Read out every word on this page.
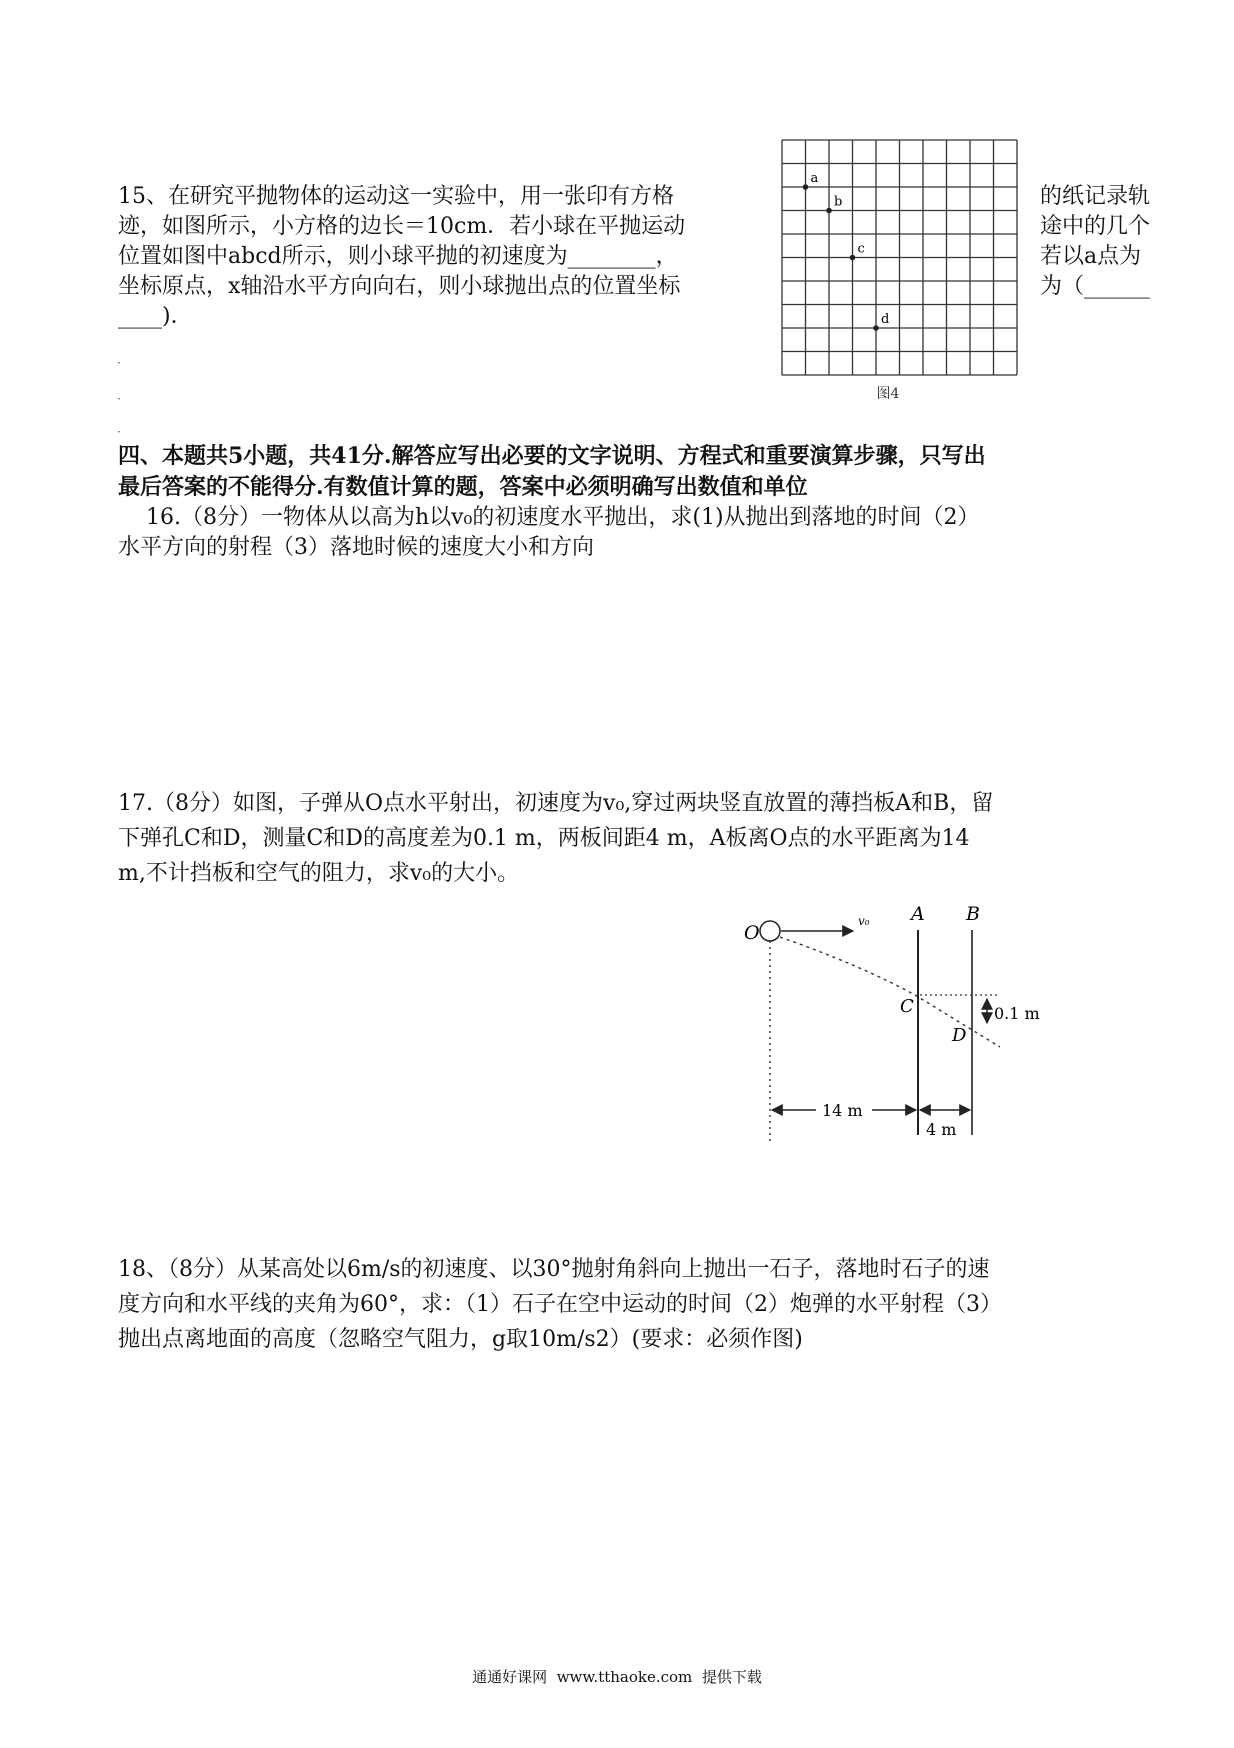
15、在研究平抛物体的运动这一实验中，用一张印有方格
迹，如图所示，小方格的边长＝10cm．若小球在平抛运动
位置如图中abcd所示，则小球平抛的初速度为________，
坐标原点，x轴沿水平方向向右，则小球抛出点的位置坐标
____)．
的纸记录轨
途中的几个
若以a点为
为（______
·
·
·
a
b
c
d
图4
四、本题共5小题，共41分.解答应写出必要的文字说明、方程式和重要演算步骤，只写出
最后答案的不能得分.有数值计算的题，答案中必须明确写出数值和单位
16.（8分）一物体从以高为h以v₀的初速度水平抛出，求(1)从抛出到落地的时间（2）
水平方向的射程（3）落地时候的速度大小和方向
17.（8分）如图，子弹从O点水平射出，初速度为v₀,穿过两块竖直放置的薄挡板A和B，留
下弹孔C和D，测量C和D的高度差为0.1 m，两板间距4 m，A板离O点的水平距离为14
m,不计挡板和空气的阻力，求v₀的大小。
O
v₀ A B
C
D
0.1 m
14 m
4 m
18、（8分）从某高处以6m/s的初速度、以30°抛射角斜向上抛出一石子，落地时石子的速
度方向和水平线的夹角为60°，求：（1）石子在空中运动的时间（2）炮弹的水平射程（3）
抛出点离地面的高度（忽略空气阻力，g取10m/s2）(要求：必须作图)
通通好课网  www.tthaoke.com  提供下载
